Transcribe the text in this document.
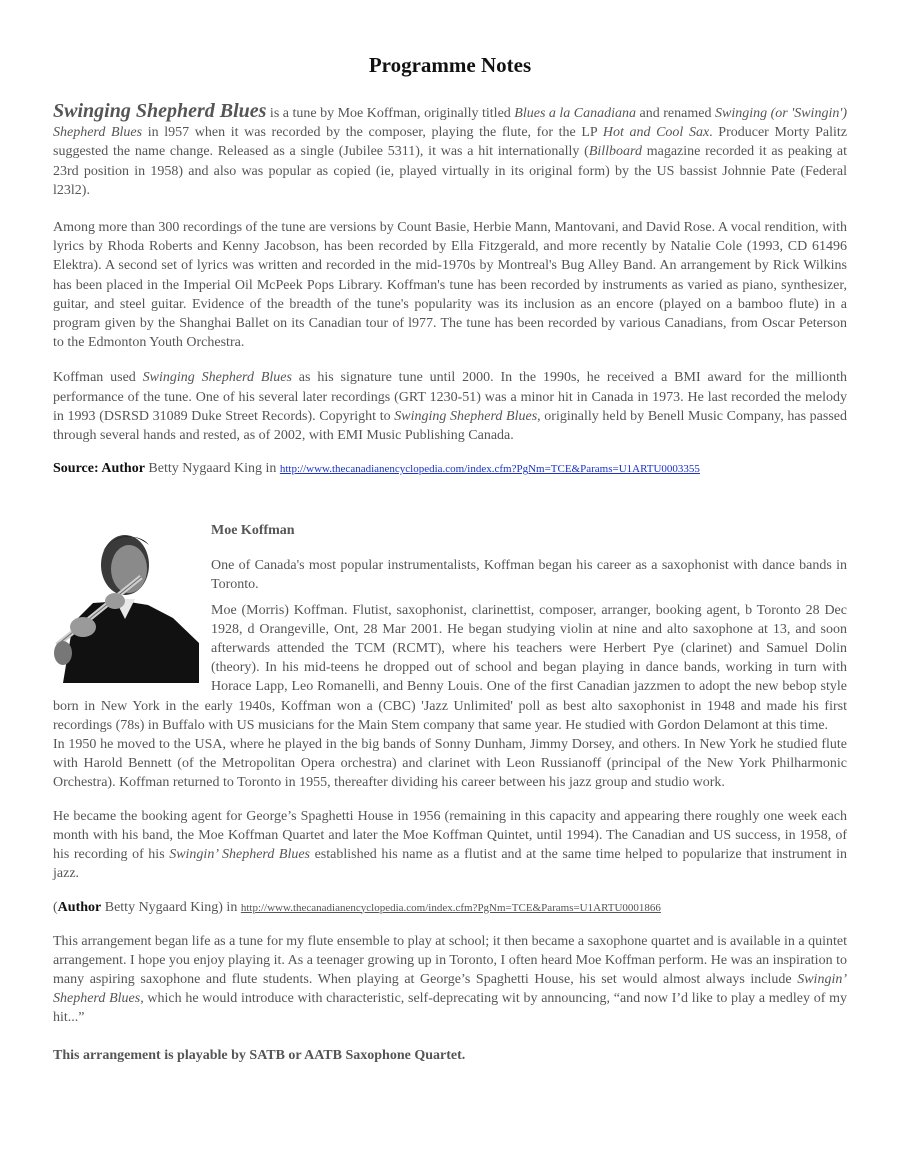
Programme Notes

Swinging Shepherd Blues is a tune by Moe Koffman, originally titled Blues a la Canadiana and renamed Swinging (or 'Swingin') Shepherd Blues in l957 when it was recorded by the composer, playing the flute, for the LP Hot and Cool Sax. Producer Morty Palitz suggested the name change. Released as a single (Jubilee 5311), it was a hit internationally (Billboard magazine recorded it as peaking at 23rd position in 1958) and also was popular as copied (ie, played virtually in its original form) by the US bassist Johnnie Pate (Federal l23l2).

Among more than 300 recordings of the tune are versions by Count Basie, Herbie Mann, Mantovani, and David Rose. A vocal rendition, with lyrics by Rhoda Roberts and Kenny Jacobson, has been recorded by Ella Fitzgerald, and more recently by Natalie Cole (1993, CD 61496 Elektra). A second set of lyrics was written and recorded in the mid-1970s by Montreal's Bug Alley Band. An arrangement by Rick Wilkins has been placed in the Imperial Oil McPeek Pops Library. Koffman's tune has been recorded by instruments as varied as piano, synthesizer, guitar, and steel guitar. Evidence of the breadth of the tune's popularity was its inclusion as an encore (played on a bamboo flute) in a program given by the Shanghai Ballet on its Canadian tour of l977. The tune has been recorded by various Canadians, from Oscar Peterson to the Edmonton Youth Orchestra.

Koffman used Swinging Shepherd Blues as his signature tune until 2000. In the 1990s, he received a BMI award for the millionth performance of the tune. One of his several later recordings (GRT 1230-51) was a minor hit in Canada in 1973. He last recorded the melody in 1993 (DSRSD 31089 Duke Street Records). Copyright to Swinging Shepherd Blues, originally held by Benell Music Company, has passed through several hands and rested, as of 2002, with EMI Music Publishing Canada.

Source: Author Betty Nygaard King in http://www.thecanadianencyclopedia.com/index.cfm?PgNm=TCE&Params=U1ARTU0003355
Moe Koffman

One of Canada's most popular instrumentalists, Koffman began his career as a saxophonist with dance bands in Toronto.

Moe (Morris) Koffman. Flutist, saxophonist, clarinettist, composer, arranger, booking agent, b Toronto 28 Dec 1928, d Orangeville, Ont, 28 Mar 2001. He began studying violin at nine and alto saxophone at 13, and soon afterwards attended the TCM (RCMT), where his teachers were Herbert Pye (clarinet) and Samuel Dolin (theory). In his mid-teens he dropped out of school and began playing in dance bands, working in turn with Horace Lapp, Leo Romanelli, and Benny Louis. One of the first Canadian jazzmen to adopt the new bebop style born in New York in the early 1940s, Koffman won a (CBC) 'Jazz Unlimited' poll as best alto saxophonist in 1948 and made his first recordings (78s) in Buffalo with US musicians for the Main Stem company that same year. He studied with Gordon Delamont at this time.

In 1950 he moved to the USA, where he played in the big bands of Sonny Dunham, Jimmy Dorsey, and others. In New York he studied flute with Harold Bennett (of the Metropolitan Opera orchestra) and clarinet with Leon Russianoff (principal of the New York Philharmonic Orchestra). Koffman returned to Toronto in 1955, thereafter dividing his career between his jazz group and studio work.

He became the booking agent for George’s Spaghetti House in 1956 (remaining in this capacity and appearing there roughly one week each month with his band, the Moe Koffman Quartet and later the Moe Koffman Quintet, until 1994). The Canadian and US success, in 1958, of his recording of his Swingin’ Shepherd Blues established his name as a flutist and at the same time helped to popularize that instrument in jazz.

(Author Betty Nygaard King) in http://www.thecanadianencyclopedia.com/index.cfm?PgNm=TCE&Params=U1ARTU0001866

This arrangement began life as a tune for my flute ensemble to play at school; it then became a saxophone quartet and is available in a quintet arrangement. I hope you enjoy playing it. As a teenager growing up in Toronto, I often heard Moe Koffman perform. He was an inspiration to many aspiring saxophone and flute students. When playing at George’s Spaghetti House, his set would almost always include Swingin’ Shepherd Blues, which he would introduce with characteristic, self-deprecating wit by announcing, “and now I’d like to play a medley of my hit...”

This arrangement is playable by SATB or AATB Saxophone Quartet.
